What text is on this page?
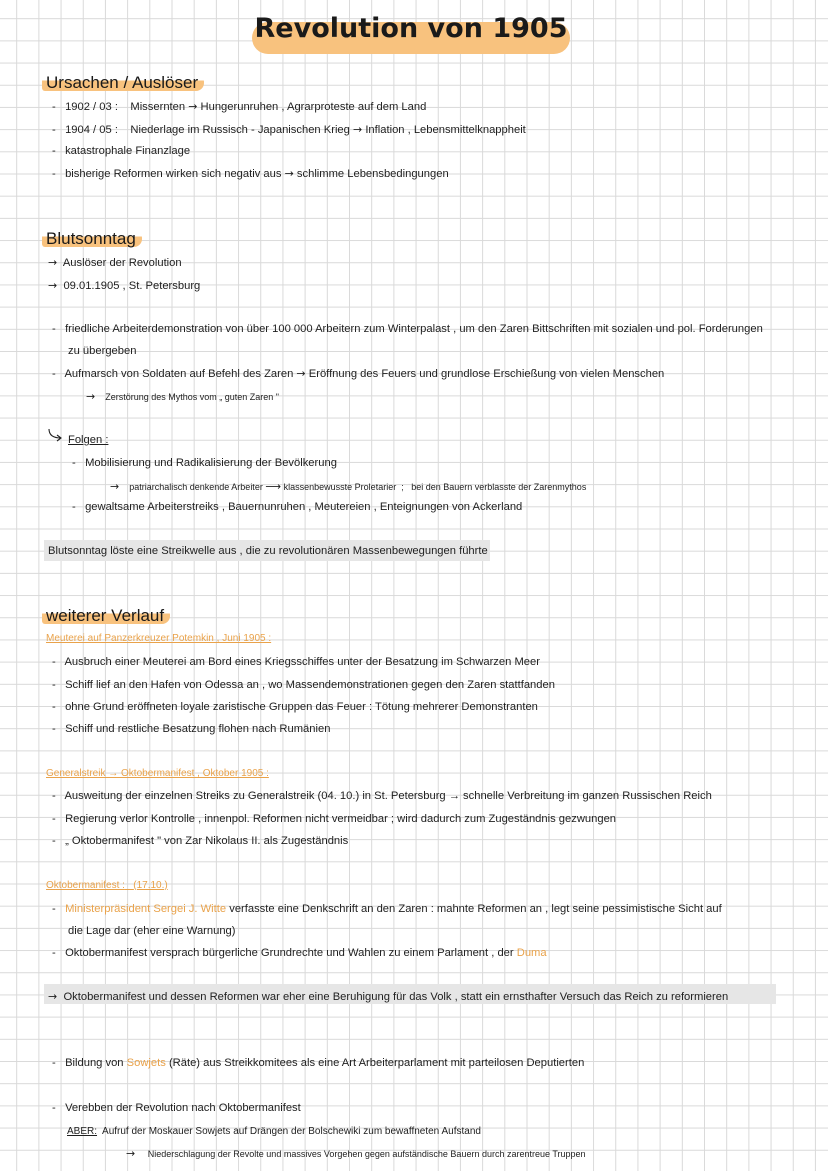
Revolution von 1905
Ursachen / Auslöser
- 1902 / 03 : Missernten → Hungerunruhen , Agrarproteste auf dem Land
- 1904 / 05 : Niederlage im Russisch - Japanischen Krieg → Inflation , Lebensmittelknappheit
- katastrophale Finanzlage
- bisherige Reformen wirken sich negativ aus → schlimme Lebensbedingungen
Blutsonntag
→ Auslöser der Revolution
→ 09.01.1905 , St. Petersburg
- friedliche Arbeiterdemonstration von über 100 000 Arbeitern zum Winterpalast , um den Zaren Bittschriften mit sozialen und pol. Forderungen
zu übergeben
- Aufmarsch von Soldaten auf Befehl des Zaren → Eröffnung des Feuers und grundlose Erschießung von vielen Menschen
→ Zerstörung des Mythos vom „ guten Zaren "
Folgen :
- Mobilisierung und Radikalisierung der Bevölkerung
→ patriarchalisch denkende Arbeiter ⟶ klassenbewusste Proletarier  ;   bei den Bauern verblasste der Zarenmythos
- gewaltsame Arbeiterstreiks , Bauernunruhen , Meutereien , Enteignungen von Ackerland
Blutsonntag löste eine Streikwelle aus , die zu revolutionären Massenbewegungen führte
weiterer Verlauf
Meuterei auf Panzerkreuzer Potemkin , Juni 1905 :
- Ausbruch einer Meuterei am Bord eines Kriegsschiffes unter der Besatzung im Schwarzen Meer
- Schiff lief an den Hafen von Odessa an , wo Massendemonstrationen gegen den Zaren stattfanden
- ohne Grund eröffneten loyale zaristische Gruppen das Feuer : Tötung mehrerer Demonstranten
- Schiff und restliche Besatzung flohen nach Rumänien
Generalstreik → Oktobermanifest , Oktober 1905 :
- Ausweitung der einzelnen Streiks zu Generalstreik (04. 10.) in St. Petersburg → schnelle Verbreitung im ganzen Russischen Reich
- Regierung verlor Kontrolle , innenpol. Reformen nicht vermeidbar ; wird dadurch zum Zugeständnis gezwungen
- „ Oktobermanifest " von Zar Nikolaus II. als Zugeständnis
Oktobermanifest : (17.10.)
- Ministerpräsident Sergei J. Witte verfasste eine Denkschrift an den Zaren : mahnte Reformen an , legt seine pessimistische Sicht auf
die Lage dar (eher eine Warnung)
- Oktobermanifest versprach bürgerliche Grundrechte und Wahlen zu einem Parlament , der Duma
→ Oktobermanifest und dessen Reformen war eher eine Beruhigung für das Volk , statt ein ernsthafter Versuch das Reich zu reformieren
- Bildung von Sowjets (Räte) aus Streikkomitees als eine Art Arbeiterparlament mit parteilosen Deputierten
- Verebben der Revolution nach Oktobermanifest
ABER: Aufruf der Moskauer Sowjets auf Drängen der Bolschewiki zum bewaffneten Aufstand
→ Niederschlagung der Revolte und massives Vorgehen gegen aufständische Bauern durch zarentreue Truppen
